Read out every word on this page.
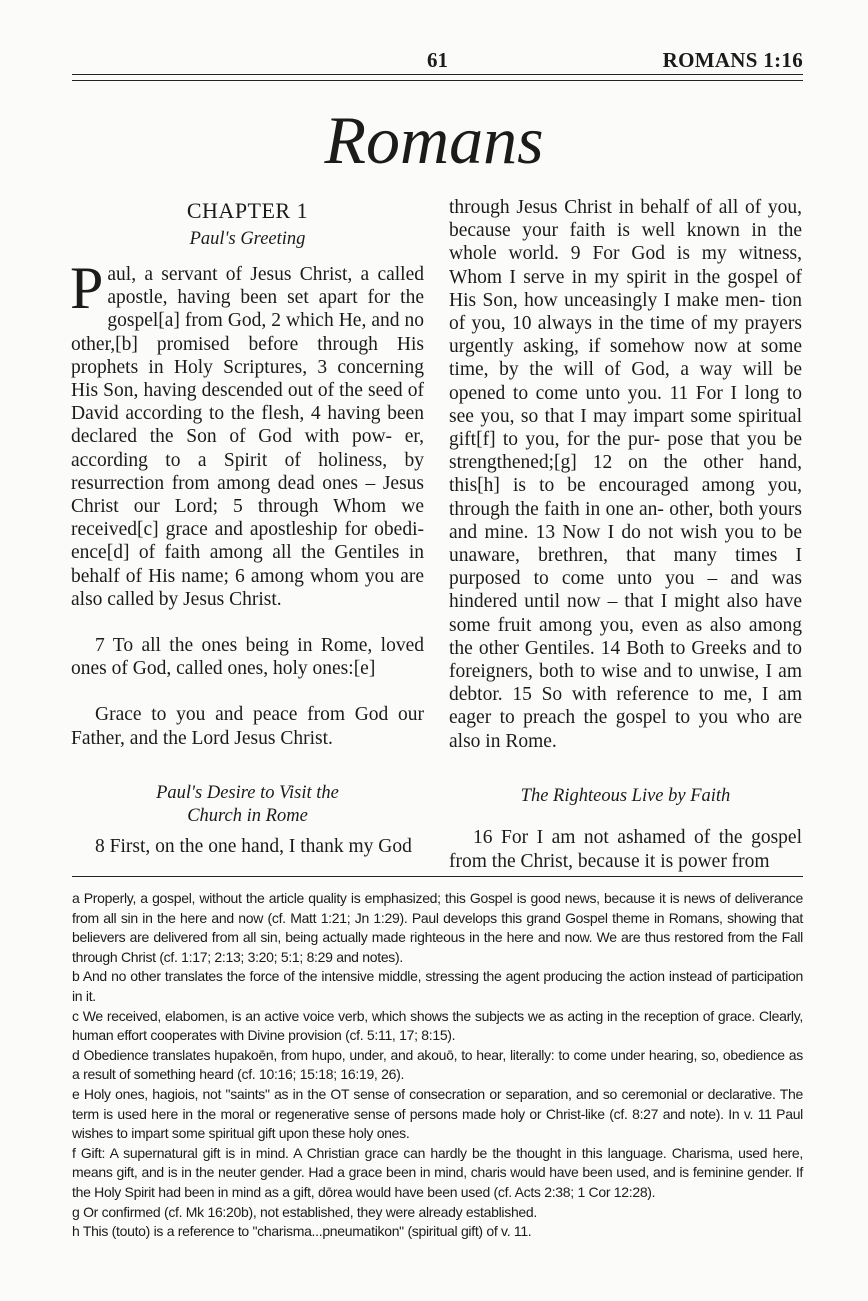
61	ROMANS 1:16
Romans
CHAPTER 1
Paul's Greeting

Paul, a servant of Jesus Christ, a called apostle, having been set apart for the gospel[a] from God, 2 which He, and no other,[b] promised before through His prophets in Holy Scriptures, 3 concerning His Son, having descended out of the seed of David according to the flesh, 4 having been declared the Son of God with pow- er, according to a Spirit of holiness, by resurrection from among dead ones – Jesus Christ our Lord; 5 through Whom we received[c] grace and apostleship for obedi- ence[d] of faith among all the Gentiles in behalf of His name; 6 among whom you are also called by Jesus Christ.

7 To all the ones being in Rome, loved ones of God, called ones, holy ones:[e]

Grace to you and peace from God our Father, and the Lord Jesus Christ.

Paul's Desire to Visit the
Church in Rome

8 First, on the one hand, I thank my God

through Jesus Christ in behalf of all of you, because your faith is well known in the whole world. 9 For God is my witness, Whom I serve in my spirit in the gospel of His Son, how unceasingly I make men- tion of you, 10 always in the time of my prayers urgently asking, if somehow now at some time, by the will of God, a way will be opened to come unto you. 11 For I long to see you, so that I may impart some spiritual gift[f] to you, for the pur- pose that you be strengthened;[g] 12 on the other hand, this[h] is to be encouraged among you, through the faith in one an- other, both yours and mine. 13 Now I do not wish you to be unaware, brethren, that many times I purposed to come unto you – and was hindered until now – that I might also have some fruit among you, even as also among the other Gentiles. 14 Both to Greeks and to foreigners, both to wise and to unwise, I am debtor. 15 So with reference to me, I am eager to preach the gospel to you who are also in Rome.

The Righteous Live by Faith

16 For I am not ashamed of the gospel from the Christ, because it is power from

a Properly, a gospel, without the article quality is emphasized; this Gospel is good news, because it is news of deliverance from all sin in the here and now (cf. Matt 1:21; Jn 1:29). Paul develops this grand Gospel theme in Romans, showing that believers are delivered from all sin, being actually made righteous in the here and now. We are thus restored from the Fall through Christ (cf. 1:17; 2:13; 3:20; 5:1; 8:29 and notes).

b And no other translates the force of the intensive middle, stressing the agent producing the action instead of participation in it.

c We received, elabomen, is an active voice verb, which shows the subjects we as acting in the reception of grace. Clearly, human effort cooperates with Divine provision (cf. 5:11, 17; 8:15).

d Obedience translates hupakoēn, from hupo, under, and akouō, to hear, literally: to come under hearing, so, obedience as a result of something heard (cf. 10:16; 15:18; 16:19, 26).

e Holy ones, hagiois, not "saints" as in the OT sense of consecration or separation, and so ceremonial or declarative. The term is used here in the moral or regenerative sense of persons made holy or Christ-like (cf. 8:27 and note). In v. 11 Paul wishes to impart some spiritual gift upon these holy ones.

f Gift: A supernatural gift is in mind. A Christian grace can hardly be the thought in this language. Charisma, used here, means gift, and is in the neuter gender. Had a grace been in mind, charis would have been used, and is feminine gender. If the Holy Spirit had been in mind as a gift, dōrea would have been used (cf. Acts 2:38; 1 Cor 12:28).

g Or confirmed (cf. Mk 16:20b), not established, they were already established.

h This (touto) is a reference to "charisma...pneumatikon" (spiritual gift) of v. 11.
